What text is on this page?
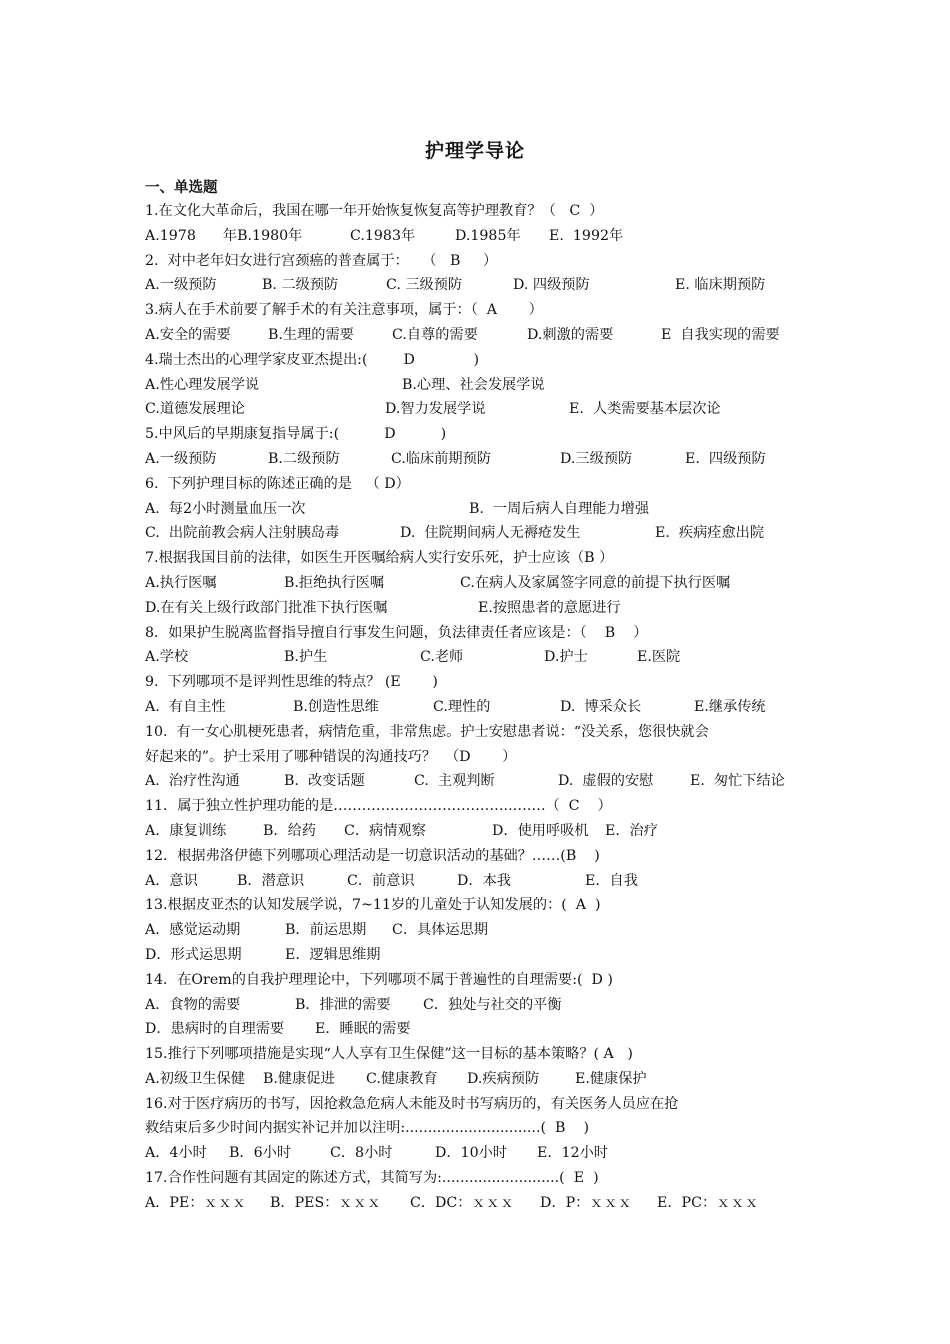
护理学导论
一、单选题
1.在文化大革命后，我国在哪一年开始恢复恢复高等护理教育？（   C  ）
A.1978      年B.1980年	C.1983年	D.1985年 E.  1992年
2.  对中老年妇女进行宫颈癌的普查属于：   （   B     ）
A.一级预防	B. 二级预防	C. 三级预防	D. 四级预防	E. 临床期预防
3.病人在手术前要了解手术的有关注意事项，属于：（  A       ）
A.安全的需要	B.生理的需要	C.自尊的需要	D.刺激的需要	E  自我实现的需要
4.瑞士杰出的心理学家皮亚杰提出:(        D             )
A.性心理发展学说	B.心理、社会发展学说
C.道德发展理论	D.智力发展学说	E.  人类需要基本层次论
5.中风后的早期康复指导属于:(          D          )
A.一级预防	B.二级预防	C.临床前期预防	D.三级预防	E.  四级预防
6.  下列护理目标的陈述正确的是   （ D）
A.  每2小时测量血压一次	B.  一周后病人自理能力增强
C.  出院前教会病人注射胰岛毒	D.  住院期间病人无褥疮发生	E.  疾病痊愈出院
7.根据我国目前的法律，如医生开医嘱给病人实行安乐死，护士应该（B ）
A.执行医嘱	B.拒绝执行医嘱	C.在病人及家属签字同意的前提下执行医嘱
D.在有关上级行政部门批准下执行医嘱	E.按照患者的意愿进行
8．如果护生脱离监督指导擅自行事发生问题，负法律责任者应该是：（    B    ）
A.学校	B.护生	C.老师	D.护士	E.医院
9.  下列哪项不是评判性思维的特点？ (E       )
A.  有自主性	B.创造性思维	C.理性的	D.  博采众长	E.继承传统
10.  有一女心肌梗死患者，病情危重，非常焦虑。护士安慰患者说：“没关系，您很快就会
好起来的”。护士采用了哪种错误的沟通技巧？  （D       ）
A.  治疗性沟通	B.  改变话题	C.  主观判断	D.  虚假的安慰	E.  匆忙下结论
11．属于独立性护理功能的是………………………………..…….（  C    ）
A．康复训练	B．给药 C．病情观察	D．使用呼吸机 E．治疗
12．根据弗洛伊德下列哪项心理活动是一切意识活动的基础？……(B    )
A．意识	B．潜意识	C．前意识	D．本我	E．自我
13.根据皮亚杰的认知发展学说，7~11岁的儿童处于认知发展的：(  A  )
A．感觉运动期	B．前运思期 C．具体运思期
D．形式运思期	E．逻辑思维期
14．在Orem的自我护理理论中，下列哪项不属于普遍性的自理需要:(  D )
A．食物的需要	B．排泄的需要 C．独处与社交的平衡
D．患病时的自理需要 E．睡眠的需要
15.推行下列哪项措施是实现“人人享有卫生保健”这一目标的基本策略？( A   )
A.初级卫生保健 B.健康促进 C.健康教育 D.疾病预防	E.健康保护
16.对于医疗病历的书写，因抢救急危病人未能及时书写病历的，有关医务人员应在抢
救结束后多少时间内据实补记并加以注明:..............................(  B    )
A．4小时 B．6小时	C．8小时	D．10小时 E．12小时
17.合作性问题有其固定的陈述方式，其简写为:..........................(  E  )
A．PE：ｘｘｘ B．PES：ｘｘｘ C．DC：ｘｘｘ D．P：ｘｘｘ E．PC：ｘｘｘ
